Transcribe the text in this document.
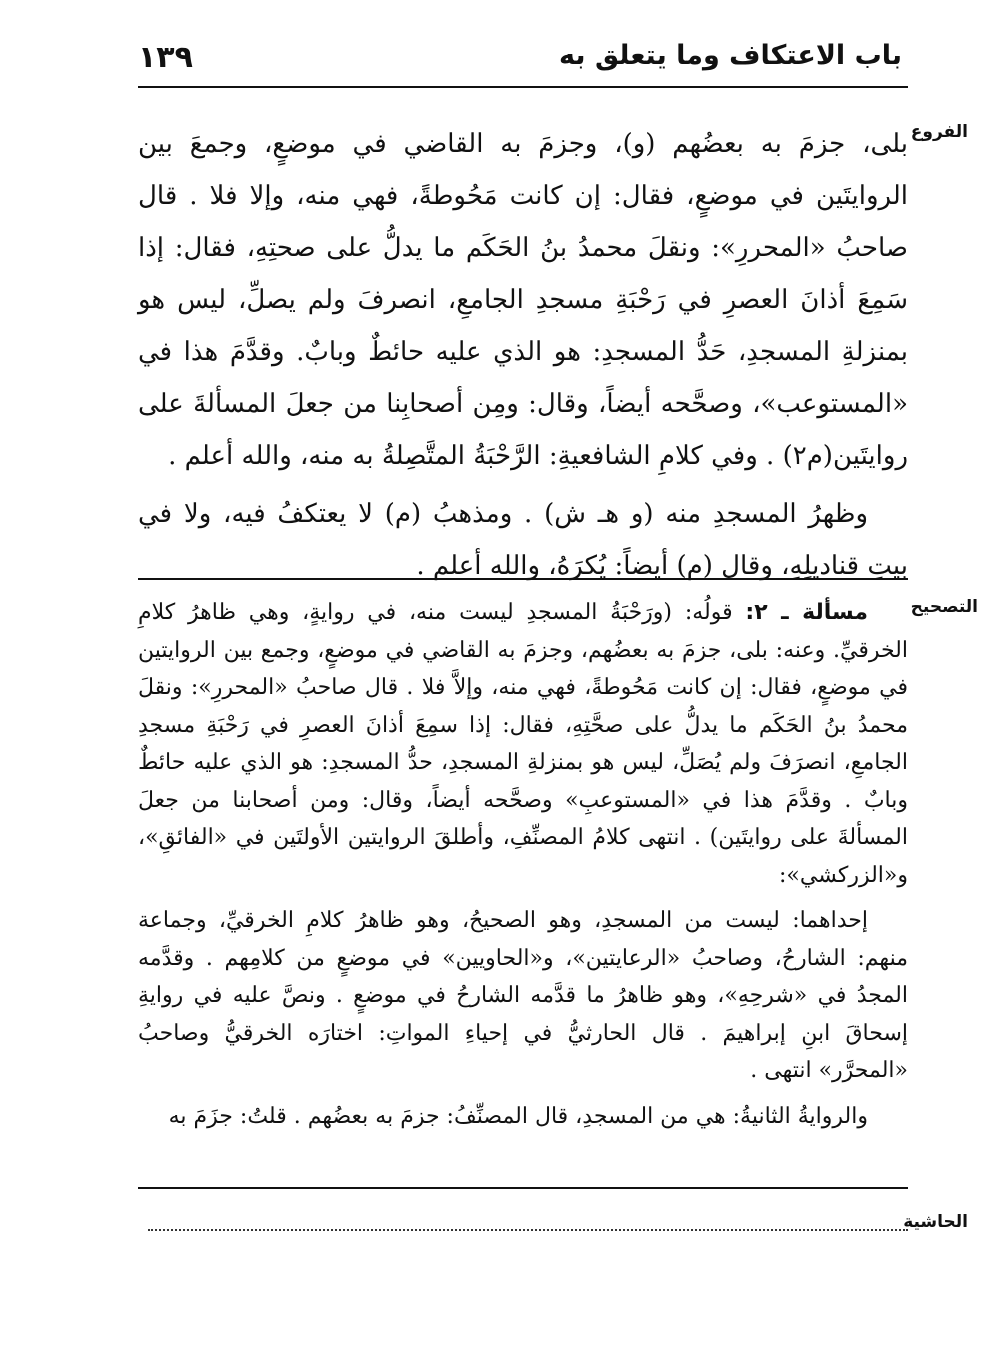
١٣٩	باب الاعتكاف وما يتعلق به
الفروع

بلى، جزمَ به بعضُهم (و)، وجزمَ به القاضي في موضعٍ، وجمعَ بين الروايتَين في موضعٍ، فقال: إن كانت مَحُوطةً، فهي منه، وإلا فلا . قال صاحبُ «المحررِ»: ونقلَ محمدُ بنُ الحَكَم ما يدلُّ على صحتِهِ، فقال: إذا سَمِعَ أذانَ العصرِ في رَحْبَةِ مسجدِ الجامعِ، انصرفَ ولم يصلِّ، ليس هو بمنزلةِ المسجدِ، حَدُّ المسجدِ: هو الذي عليه حائطٌ وبابٌ. وقدَّمَ هذا في «المستوعب»، وصحَّحه أيضاً، وقال: ومِن أصحابِنا من جعلَ المسألةَ على روايتَين(م٢) . وفي كلامِ الشافعيةِ: الرَّحْبَةُ المتَّصِلةُ به منه، والله أعلم .

وظهرُ المسجدِ منه (و هـ ش) . ومذهبُ (م) لا يعتكفُ فيه، ولا في بيتِ قناديلِهِ، وقال (م) أيضاً: يُكرَهُ، والله أعلم .

التصحيح

مسألة ـ ٢: قولُه: (ورَحْبَةُ المسجدِ ليست منه، في روايةٍ، وهي ظاهرُ كلامِ الخرقيِّ. وعنه: بلى، جزمَ به بعضُهم، وجزمَ به القاضي في موضعٍ، وجمع بين الروايتين في موضعٍ، فقال: إن كانت مَحُوطةً، فهي منه، وإلاَّ فلا . قال صاحبُ «المحررِ»: ونقلَ محمدُ بنُ الحَكَم ما يدلُّ على صحَّتِهِ، فقال: إذا سمِعَ أذانَ العصرِ في رَحْبَةِ مسجدِ الجامعِ، انصرَفَ ولم يُصَلِّ، ليس هو بمنزلةِ المسجدِ، حدُّ المسجدِ: هو الذي عليه حائطٌ وبابٌ . وقدَّمَ هذا في «المستوعبِ» وصحَّحه أيضاً، وقال: ومن أصحابنا من جعلَ المسألةَ على روايتَين) . انتهى كلامُ المصنِّفِ، وأطلقَ الروايتين الأولتَين في «الفائقِ»، و«الزركشي»:

إحداهما: ليست من المسجدِ، وهو الصحيحُ، وهو ظاهرُ كلامِ الخرقيِّ، وجماعة منهم: الشارحُ، وصاحبُ «الرعايتين»، و«الحاويين» في موضعٍ من كلامِهم . وقدَّمه المجدُ في «شرحِهِ»، وهو ظاهرُ ما قدَّمه الشارحُ في موضعٍ . ونصَّ عليه في روايةِ إسحاقَ ابنِ إبراهيمَ . قال الحارثيُّ في إحياءِ المواتِ: اختارَه الخرقيُّ وصاحبُ «المحرَّر» انتهى .

والروايةُ الثانيةُ: هي من المسجدِ، قال المصنِّفُ: جزمَ به بعضُهم . قلتُ: جزَمَ به

الحاشية
